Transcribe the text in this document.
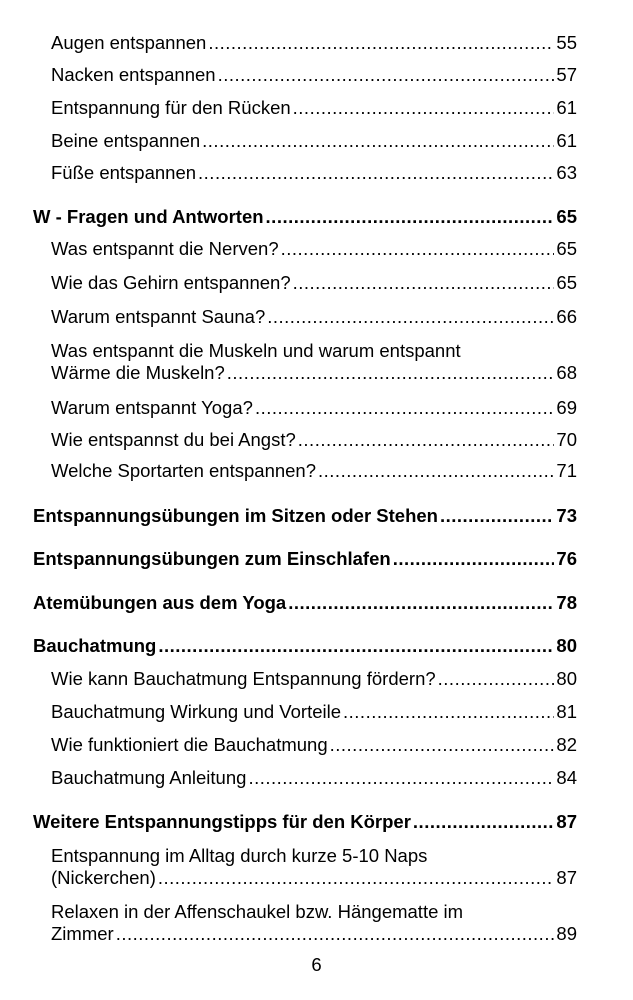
Augen entspannen .....	55
Nacken entspannen .....	57
Entspannung für den Rücken .....	61
Beine entspannen .....	61
Füße entspannen .....	63
W - Fragen und Antworten .....	65
Was entspannt die Nerven? .....	65
Wie das Gehirn entspannen? .....	65
Warum entspannt Sauna? .....	66
Was entspannt die Muskeln und warum entspannt
Wärme die Muskeln? .....	68
Warum entspannt Yoga? .....	69
Wie entspannst du bei Angst? .....	70
Welche Sportarten entspannen? .....	71
Entspannungsübungen im Sitzen oder Stehen .....	73
Entspannungsübungen zum Einschlafen .....	76
Atemübungen aus dem Yoga .....	78
Bauchatmung .....	80
Wie kann Bauchatmung Entspannung fördern? .....	80
Bauchatmung Wirkung und Vorteile .....	81
Wie funktioniert die Bauchatmung .....	82
Bauchatmung Anleitung .....	84
Weitere Entspannungstipps für den Körper .....	87
Entspannung im Alltag durch kurze 5-10 Naps
(Nickerchen) .....	87
Relaxen in der Affenschaukel bzw. Hängematte im
Zimmer .....	89
6
